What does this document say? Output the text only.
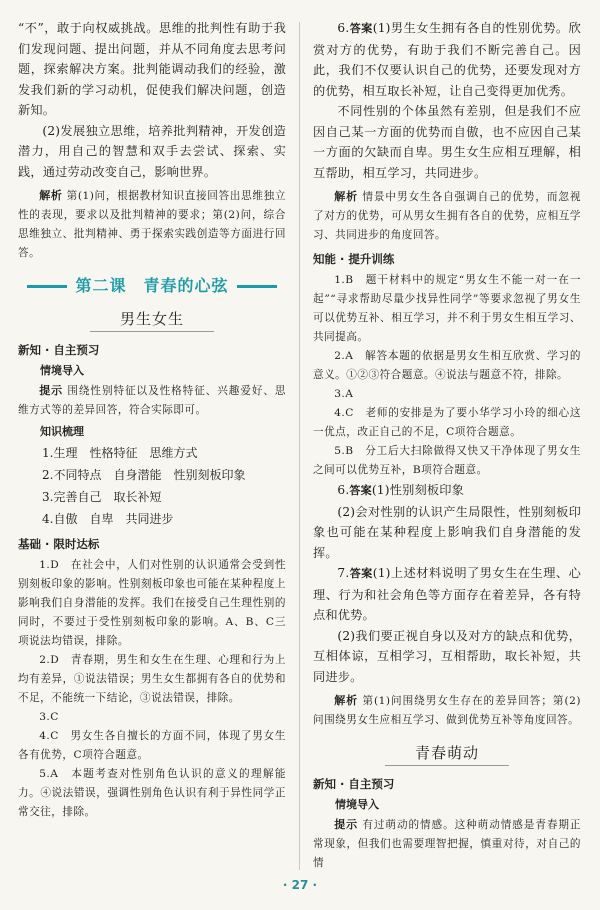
“不”，敢于向权威挑战。思维的批判性有助于我们发现问题、提出问题，并从不同角度去思考问题，探索解决方案。批判能调动我们的经验，激发我们新的学习动机，促使我们解决问题，创造新知。

(2)发展独立思维，培养批判精神，开发创造潜力，用自己的智慧和双手去尝试、探索、实践，通过劳动改变自己，影响世界。

解析 第(1)问，根据教材知识直接回答出思维独立性的表现，要求以及批判精神的要求；第(2)问，综合思维独立、批判精神、勇于探索实践创造等方面进行回答。

第二课　青春的心弦
男生女生
新知 · 自主预习
情境导入

提示 围绕性别特征以及性格特征、兴趣爱好、思维方式等的差异回答，符合实际即可。

知识梳理
1.生理　性格特征　思维方式
2.不同特点　自身潜能　性别刻板印象
3.完善自己　取长补短
4.自傲　自卑　共同进步
基础 · 限时达标

1.D　在社会中，人们对性别的认识通常会受到性别刻板印象的影响。性别刻板印象也可能在某种程度上影响我们自身潜能的发挥。我们在接受自己生理性别的同时，不要过于受性别刻板印象的影响。A、B、C三项说法均错误，排除。

2.D　青春期，男生和女生在生理、心理和行为上均有差异，①说法错误；男生女生都拥有各自的优势和不足，不能统一下结论，③说法错误，排除。

3.C

4.C　男女生各自擅长的方面不同，体现了男女生各有优势，C项符合题意。

5.A　本题考查对性别角色认识的意义的理解能力。④说法错误，强调性别角色认识有利于异性同学正常交往，排除。

6.答案(1)男生女生拥有各自的性别优势。欣赏对方的优势，有助于我们不断完善自己。因此，我们不仅要认识自己的优势，还要发现对方的优势，相互取长补短，让自己变得更加优秀。

不同性别的个体虽然有差别，但是我们不应因自己某一方面的优势而自傲，也不应因自己某一方面的欠缺而自卑。男生女生应相互理解，相互帮助，相互学习，共同进步。

解析 情景中男女生各自强调自己的优势，而忽视了对方的优势，可从男女生拥有各自的优势，应相互学习、共同进步的角度回答。

知能 · 提升训练

1.B　题干材料中的规定“男女生不能一对一在一起”“寻求帮助尽量少找异性同学”等要求忽视了男女生可以优势互补、相互学习，并不利于男女生相互学习、共同提高。

2.A　解答本题的依据是男女生相互欣赏、学习的意义。①②③符合题意。④说法与题意不符，排除。

3.A

4.C　老师的安排是为了要小华学习小玲的细心这一优点，改正自己的不足，C项符合题意。

5.B　分工后大扫除做得又快又干净体现了男女生之间可以优势互补，B项符合题意。

6.答案(1)性别刻板印象

(2)会对性别的认识产生局限性，性别刻板印象也可能在某种程度上影响我们自身潜能的发挥。

7.答案(1)上述材料说明了男女生在生理、心理、行为和社会角色等方面存在着差异，各有特点和优势。

(2)我们要正视自身以及对方的缺点和优势，互相体谅，互相学习，互相帮助，取长补短，共同进步。

解析 第(1)问围绕男女生存在的差异回答；第(2)问围绕男女生应相互学习、做到优势互补等角度回答。

青春萌动
新知 · 自主预习
情境导入

提示 有过萌动的情感。这种萌动情感是青春期正常现象，但我们也需要理智把握，慎重对待，对自己的情

· 27 ·
